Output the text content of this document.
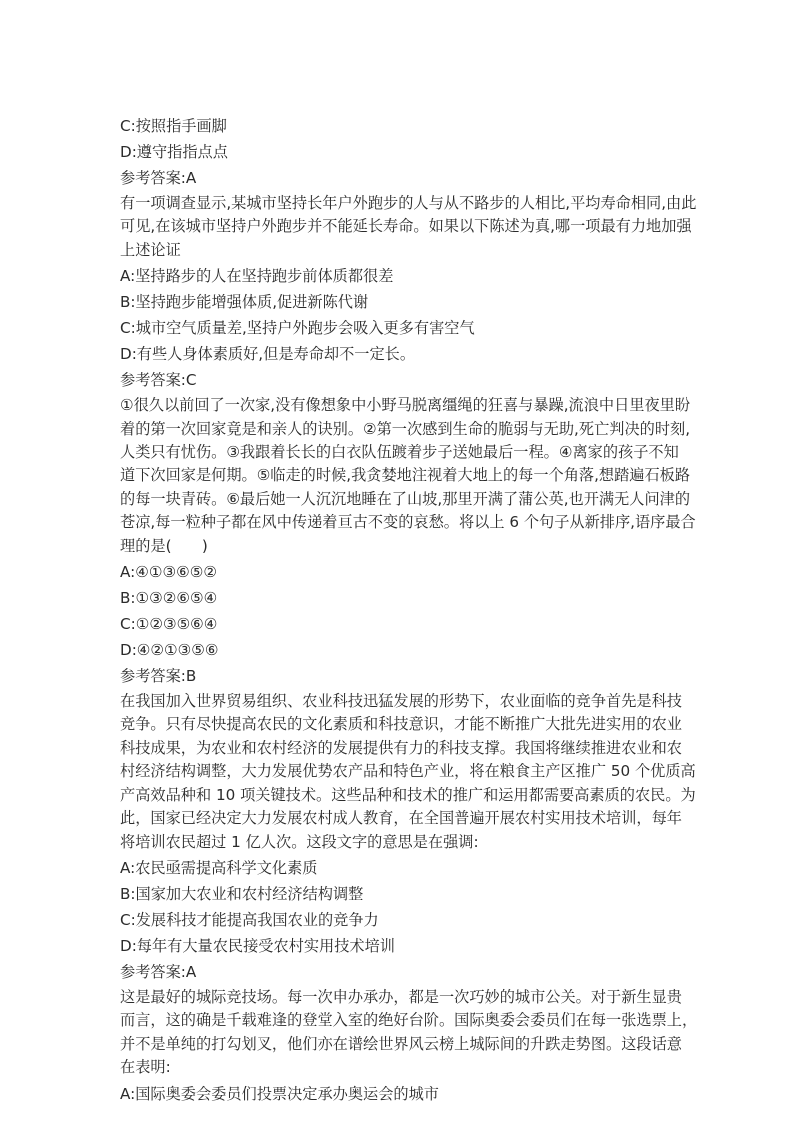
C:按照指手画脚
D:遵守指指点点
参考答案:A
有一项调查显示,某城市坚持长年户外跑步的人与从不路步的人相比,平均寿命相同,由此
可见,在该城市坚持户外跑步并不能延长寿命。如果以下陈述为真,哪一项最有力地加强
上述论证
A:坚持路步的人在坚持跑步前体质都很差
B:坚持跑步能增强体质,促进新陈代谢
C:城市空气质量差,坚持户外跑步会吸入更多有害空气
D:有些人身体素质好,但是寿命却不一定长。
参考答案:C
①很久以前回了一次家,没有像想象中小野马脱离缰绳的狂喜与暴躁,流浪中日里夜里盼
着的第一次回家竟是和亲人的诀别。②第一次感到生命的脆弱与无助,死亡判决的时刻,
人类只有忧伤。③我跟着长长的白衣队伍踱着步子送她最后一程。④离家的孩子不知
道下次回家是何期。⑤临走的时候,我贪婪地注视着大地上的每一个角落,想踏遍石板路
的每一块青砖。⑥最后她一人沉沉地睡在了山坡,那里开满了蒲公英,也开满无人问津的
苍凉,每一粒种子都在风中传递着亘古不变的哀愁。将以上 6 个句子从新排序,语序最合
理的是(　　)
A:④①③⑥⑤②
B:①③②⑥⑤④
C:①②③⑤⑥④
D:④②①③⑤⑥
参考答案:B
在我国加入世界贸易组织、农业科技迅猛发展的形势下，农业面临的竞争首先是科技
竞争。只有尽快提高农民的文化素质和科技意识，才能不断推广大批先进实用的农业
科技成果，为农业和农村经济的发展提供有力的科技支撑。我国将继续推进农业和农
村经济结构调整，大力发展优势农产品和特色产业，将在粮食主产区推广 50 个优质高
产高效品种和 10 项关键技术。这些品种和技术的推广和运用都需要高素质的农民。为
此，国家已经决定大力发展农村成人教育，在全国普遍开展农村实用技术培训，每年
将培训农民超过 1 亿人次。这段文字的意思是在强调:
A:农民亟需提高科学文化素质
B:国家加大农业和农村经济结构调整
C:发展科技才能提高我国农业的竞争力
D:每年有大量农民接受农村实用技术培训
参考答案:A
这是最好的城际竞技场。每一次申办承办，都是一次巧妙的城市公关。对于新生显贵
而言，这的确是千载难逢的登堂入室的绝好台阶。国际奥委会委员们在每一张选票上，
并不是单纯的打勾划叉，他们亦在谱绘世界风云榜上城际间的升跌走势图。这段话意
在表明:
A:国际奥委会委员们投票决定承办奥运会的城市
